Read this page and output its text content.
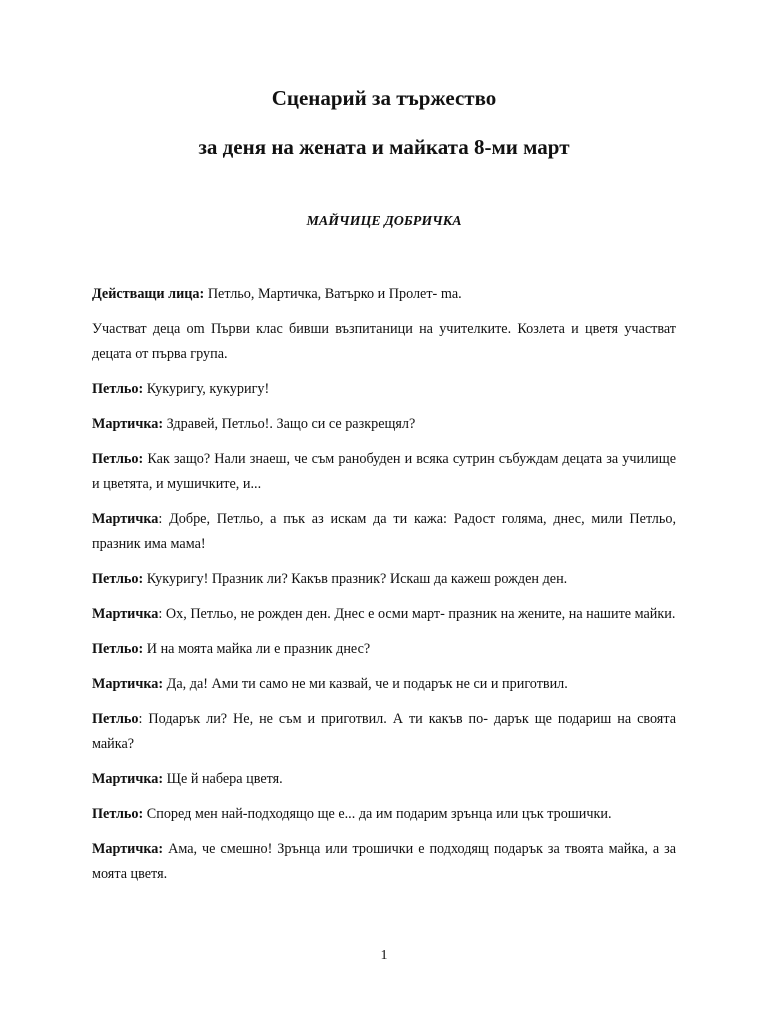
Сценарий за тържество
за деня на жената и майката 8-ми март
МАЙЧИЦЕ ДОБРИЧКА

Действащи лица: Петльо, Мартичка, Ватърко и Пролет- ma.

Участват деца om Първи клас бивши възпитаници на учителките. Козлета и цветя участват децата от първа група.

Петльо: Кукуригу, кукуригу!

Мартичка: Здравей, Петльо!. Защо си се разкрещял?

Петльо: Как защо? Нали знаеш, че съм ранобуден и всяка сутрин събуждам децата за училище и цветята, и мушичките, и...

Мартичка: Добре, Петльо, а пък аз искам да ти кажа: Радост голяма, днес, мили Петльо, празник има мама!

Петльо: Кукуригу! Празник ли? Какъв празник? Искаш да кажеш рожден ден.

Мартичка: Ох, Петльо, не рожден ден. Днес е осми март- празник на жените, на нашите майки.

Петльо: И на моята майка ли е празник днес?

Мартичка: Да, да! Ами ти само не ми казвай, че и подарък не си и приготвил.

Петльо: Подарък ли? Не, не съм и приготвил. А ти какъв по- дарък ще подариш на своята майка?

Мартичка: Ще й набера цветя.

Петльо: Според мен най-подходящо ще е... да им подарим зрънца или цък трошички.

Мартичка: Ама, че смешно! Зрънца или трошички е подходящ подарък за твоята майка, а за моята цветя.

1
